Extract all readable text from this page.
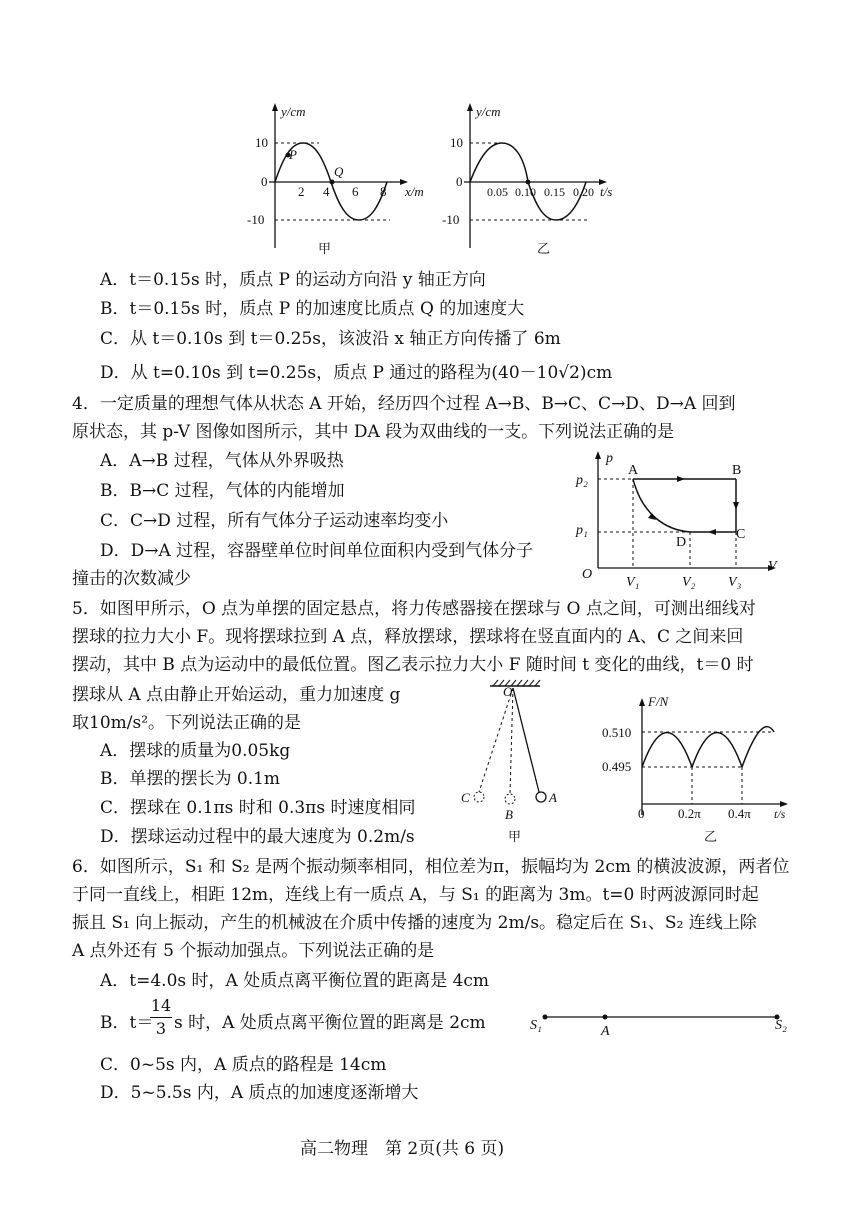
y/cm
x/m
P
Q
10
0
-10
2 4 6 8
甲
y/cm
t/s
10
0
-10
0.05 0.10 0.15 0.20
乙
A．t＝0.15s 时，质点 P 的运动方向沿 y 轴正方向
B．t＝0.15s 时，质点 P 的加速度比质点 Q 的加速度大
C．从 t＝0.10s 到 t＝0.25s，该波沿 x 轴正方向传播了 6m
D．从 t=0.10s 到 t=0.25s，质点 P 通过的路程为(40－10√2)cm
4．一定质量的理想气体从状态 A 开始，经历四个过程 A→B、B→C、C→D、D→A 回到
原状态，其 p-V 图像如图所示，其中 DA 段为双曲线的一支。下列说法正确的是
A．A→B 过程，气体从外界吸热
B．B→C 过程，气体的内能增加
C．C→D 过程，所有气体分子运动速率均变小
D．D→A 过程，容器壁单位时间单位面积内受到气体分子
撞击的次数减少
p
V
O
p₂
p₁
A	B
C
D
V₁	V₂ V₃
5．如图甲所示，O 点为单摆的固定悬点，将力传感器接在摆球与 O 点之间，可测出细线对
摆球的拉力大小 F。现将摆球拉到 A 点，释放摆球，摆球将在竖直面内的 A、C 之间来回
摆动，其中 B 点为运动中的最低位置。图乙表示拉力大小 F 随时间 t 变化的曲线，t＝0 时
摆球从 A 点由静止开始运动，重力加速度 g
取10m/s²。下列说法正确的是
A．摆球的质量为0.05kg
B．单摆的摆长为 0.1m
C．摆球在 0.1πs 时和 0.3πs 时速度相同
D．摆球运动过程中的最大速度为 0.2m/s
O
C
B
A
甲
F/N
t/s
0.510
0.495
0	0.2π 0.4π
乙
6．如图所示，S₁ 和 S₂ 是两个振动频率相同，相位差为π，振幅均为 2cm 的横波波源，两者位
于同一直线上，相距 12m，连线上有一质点 A，与 S₁ 的距离为 3m。t=0 时两波源同时起
振且 S₁ 向上振动，产生的机械波在介质中传播的速度为 2m/s。稳定后在 S₁、S₂ 连线上除
A 点外还有 5 个振动加强点。下列说法正确的是
A．t=4.0s 时，A 处质点离平衡位置的距离是 4cm
B．t＝
14
3 s 时，A 处质点离平衡位置的距离是 2cm	S₁	A	S₂
C．0~5s 内，A 质点的路程是 14cm
D．5~5.5s 内，A 质点的加速度逐渐增大
高二物理　第 2页(共 6 页)
